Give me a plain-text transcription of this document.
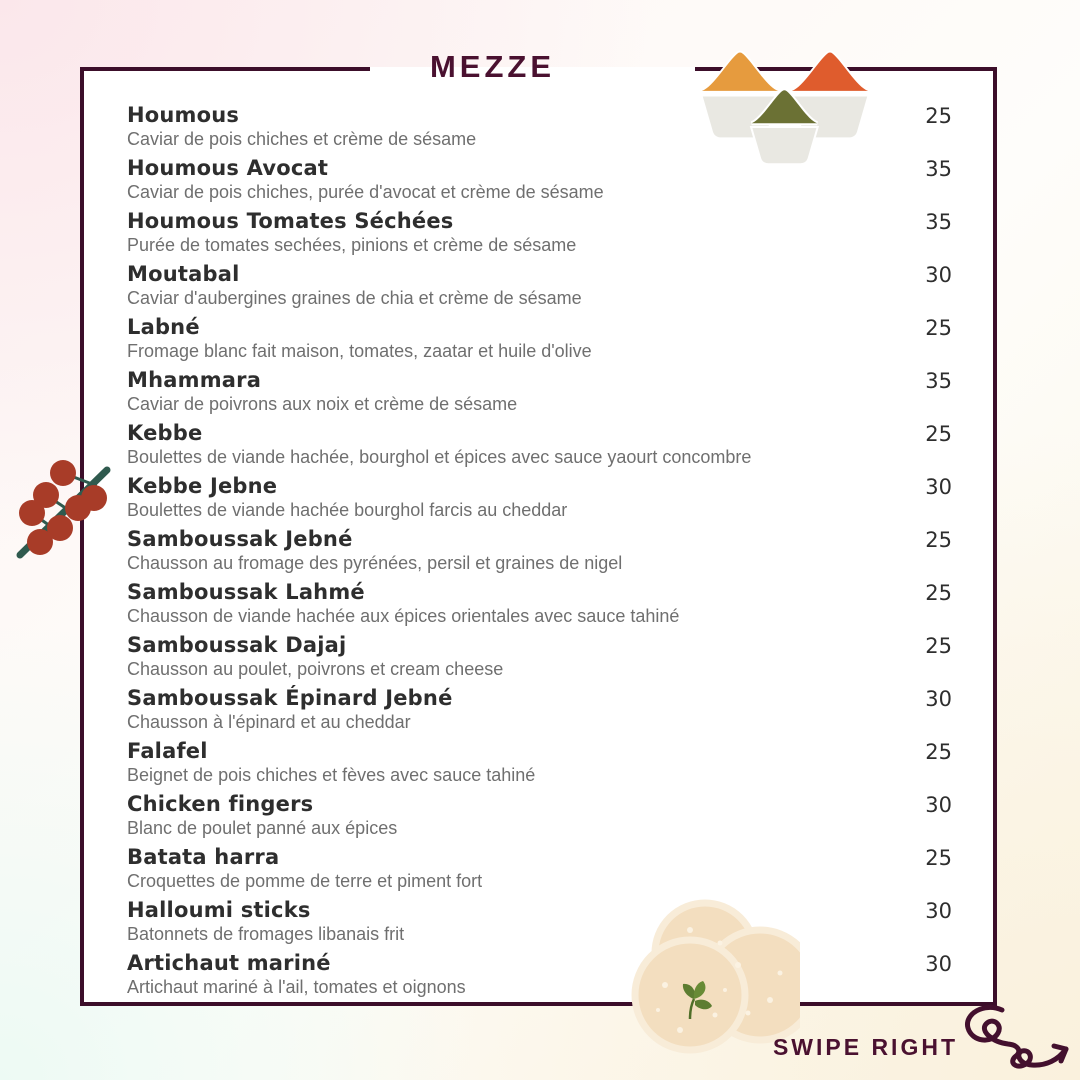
MEZZE
Houmous
Caviar de pois chiches et crème de sésame
25
Houmous Avocat
Caviar de pois chiches, purée d'avocat et crème de sésame
35
Houmous Tomates Séchées
Purée de tomates sechées, pinions et crème de sésame
35
Moutabal
Caviar d'aubergines graines de chia et crème de sésame
30
Labné
Fromage blanc fait maison, tomates, zaatar et huile d'olive
25
Mhammara
Caviar de poivrons aux noix et crème de sésame
35
Kebbe
Boulettes de viande hachée, bourghol et épices avec sauce yaourt concombre
25
Kebbe Jebne
Boulettes de viande hachée bourghol farcis au cheddar
30
Samboussak Jebné
Chausson au fromage des pyrénées, persil et graines de nigel
25
Samboussak Lahmé
Chausson de viande hachée aux épices orientales avec sauce tahiné
25
Samboussak Dajaj
Chausson au poulet, poivrons et cream cheese
25
Samboussak Épinard Jebné
Chausson à l'épinard et au cheddar
30
Falafel
Beignet de pois chiches et fèves avec sauce tahiné
25
Chicken fingers
Blanc de poulet panné aux épices
30
Batata harra
Croquettes de pomme de terre et piment fort
25
Halloumi sticks
Batonnets de fromages libanais frit
30
Artichaut mariné
Artichaut mariné à l'ail, tomates et oignons
30
SWIPE RIGHT
